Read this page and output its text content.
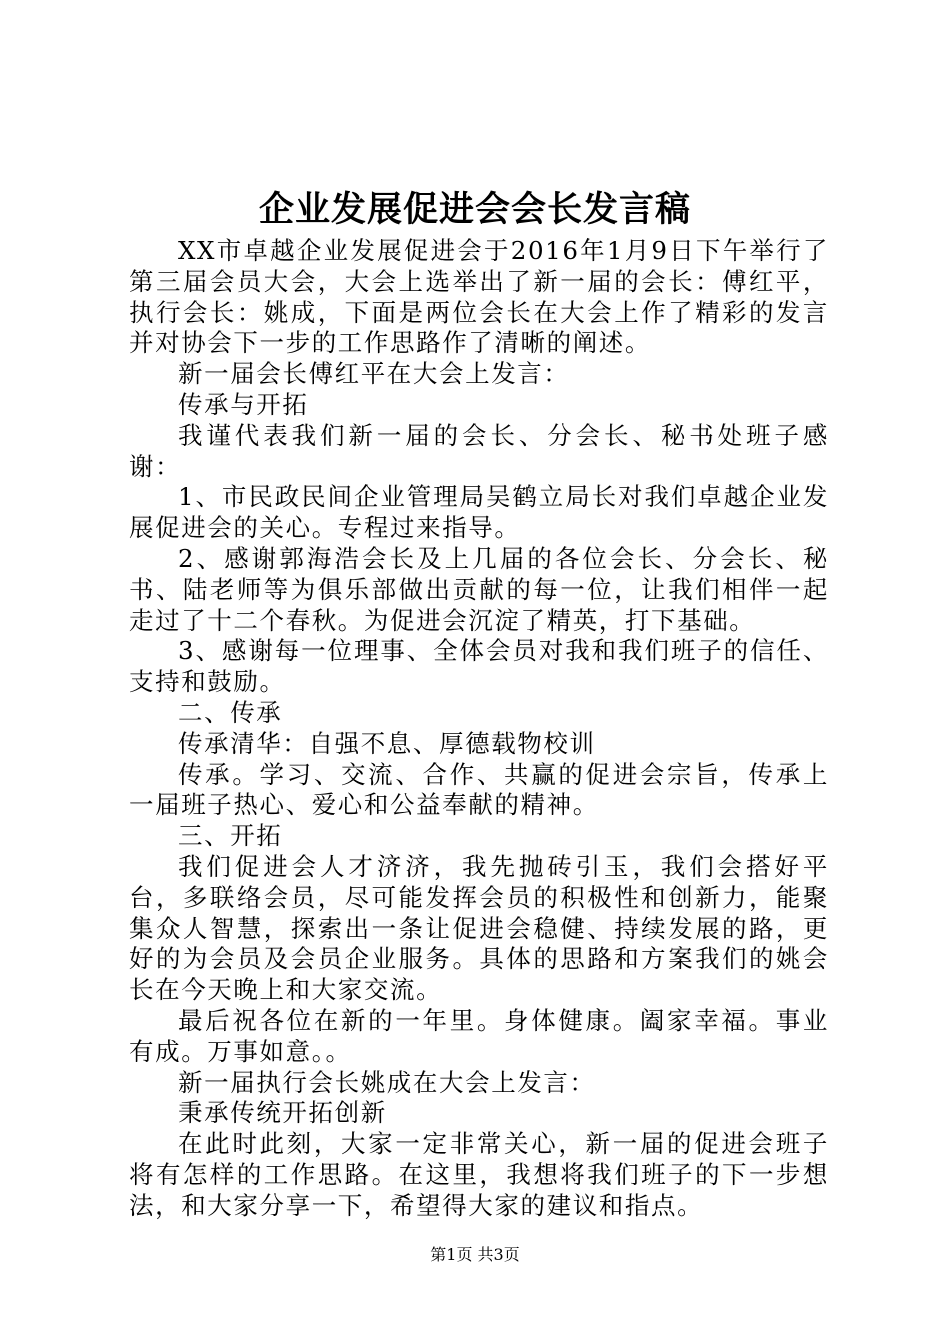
企业发展促进会会长发言稿

XX市卓越企业发展促进会于2016年1月9日下午举行了第三届会员大会，大会上选举出了新一届的会长：傅红平，执行会长：姚成，下面是两位会长在大会上作了精彩的发言并对协会下一步的工作思路作了清晰的阐述。

新一届会长傅红平在大会上发言：

传承与开拓

我谨代表我们新一届的会长、分会长、秘书处班子感谢：

1、市民政民间企业管理局吴鹤立局长对我们卓越企业发展促进会的关心。专程过来指导。

2、感谢郭海浩会长及上几届的各位会长、分会长、秘书、陆老师等为俱乐部做出贡献的每一位，让我们相伴一起走过了十二个春秋。为促进会沉淀了精英，打下基础。

3、感谢每一位理事、全体会员对我和我们班子的信任、支持和鼓励。

二、传承

传承清华：自强不息、厚德载物校训

传承。学习、交流、合作、共赢的促进会宗旨，传承上一届班子热心、爱心和公益奉献的精神。

三、开拓

我们促进会人才济济，我先抛砖引玉，我们会搭好平台，多联络会员，尽可能发挥会员的积极性和创新力，能聚集众人智慧，探索出一条让促进会稳健、持续发展的路，更好的为会员及会员企业服务。具体的思路和方案我们的姚会长在今天晚上和大家交流。

最后祝各位在新的一年里。身体健康。阖家幸福。事业有成。万事如意。。

新一届执行会长姚成在大会上发言：

秉承传统开拓创新

在此时此刻，大家一定非常关心，新一届的促进会班子将有怎样的工作思路。在这里，我想将我们班子的下一步想法，和大家分享一下，希望得大家的建议和指点。

第1页 共3页
